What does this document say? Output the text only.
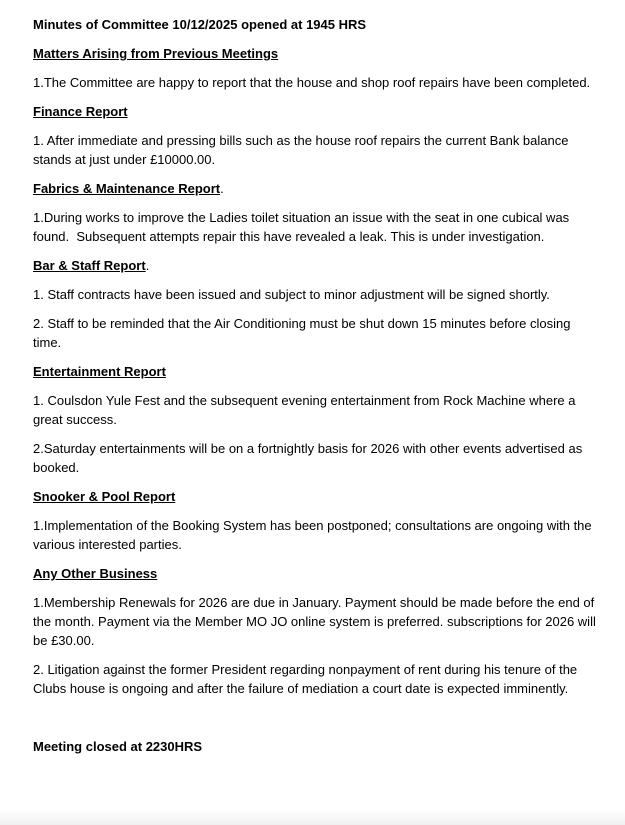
Minutes of Committee 10/12/2025 opened at 1945 HRS
Matters Arising from Previous Meetings

1.The Committee are happy to report that the house and shop roof repairs have been completed.

Finance Report

1. After immediate and pressing bills such as the house roof repairs the current Bank balance stands at just under £10000.00.

Fabrics & Maintenance Report.

1.During works to improve the Ladies toilet situation an issue with the seat in one cubical was found.  Subsequent attempts repair this have revealed a leak. This is under investigation.

Bar & Staff Report.

1. Staff contracts have been issued and subject to minor adjustment will be signed shortly.

2. Staff to be reminded that the Air Conditioning must be shut down 15 minutes before closing time.

Entertainment Report

1. Coulsdon Yule Fest and the subsequent evening entertainment from Rock Machine where a great success.

2.Saturday entertainments will be on a fortnightly basis for 2026 with other events advertised as booked.

Snooker & Pool Report

1.Implementation of the Booking System has been postponed; consultations are ongoing with the various interested parties.

Any Other Business

1.Membership Renewals for 2026 are due in January. Payment should be made before the end of the month. Payment via the Member MO JO online system is preferred. subscriptions for 2026 will be £30.00.

2. Litigation against the former President regarding nonpayment of rent during his tenure of the Clubs house is ongoing and after the failure of mediation a court date is expected imminently.

Meeting closed at 2230HRS
